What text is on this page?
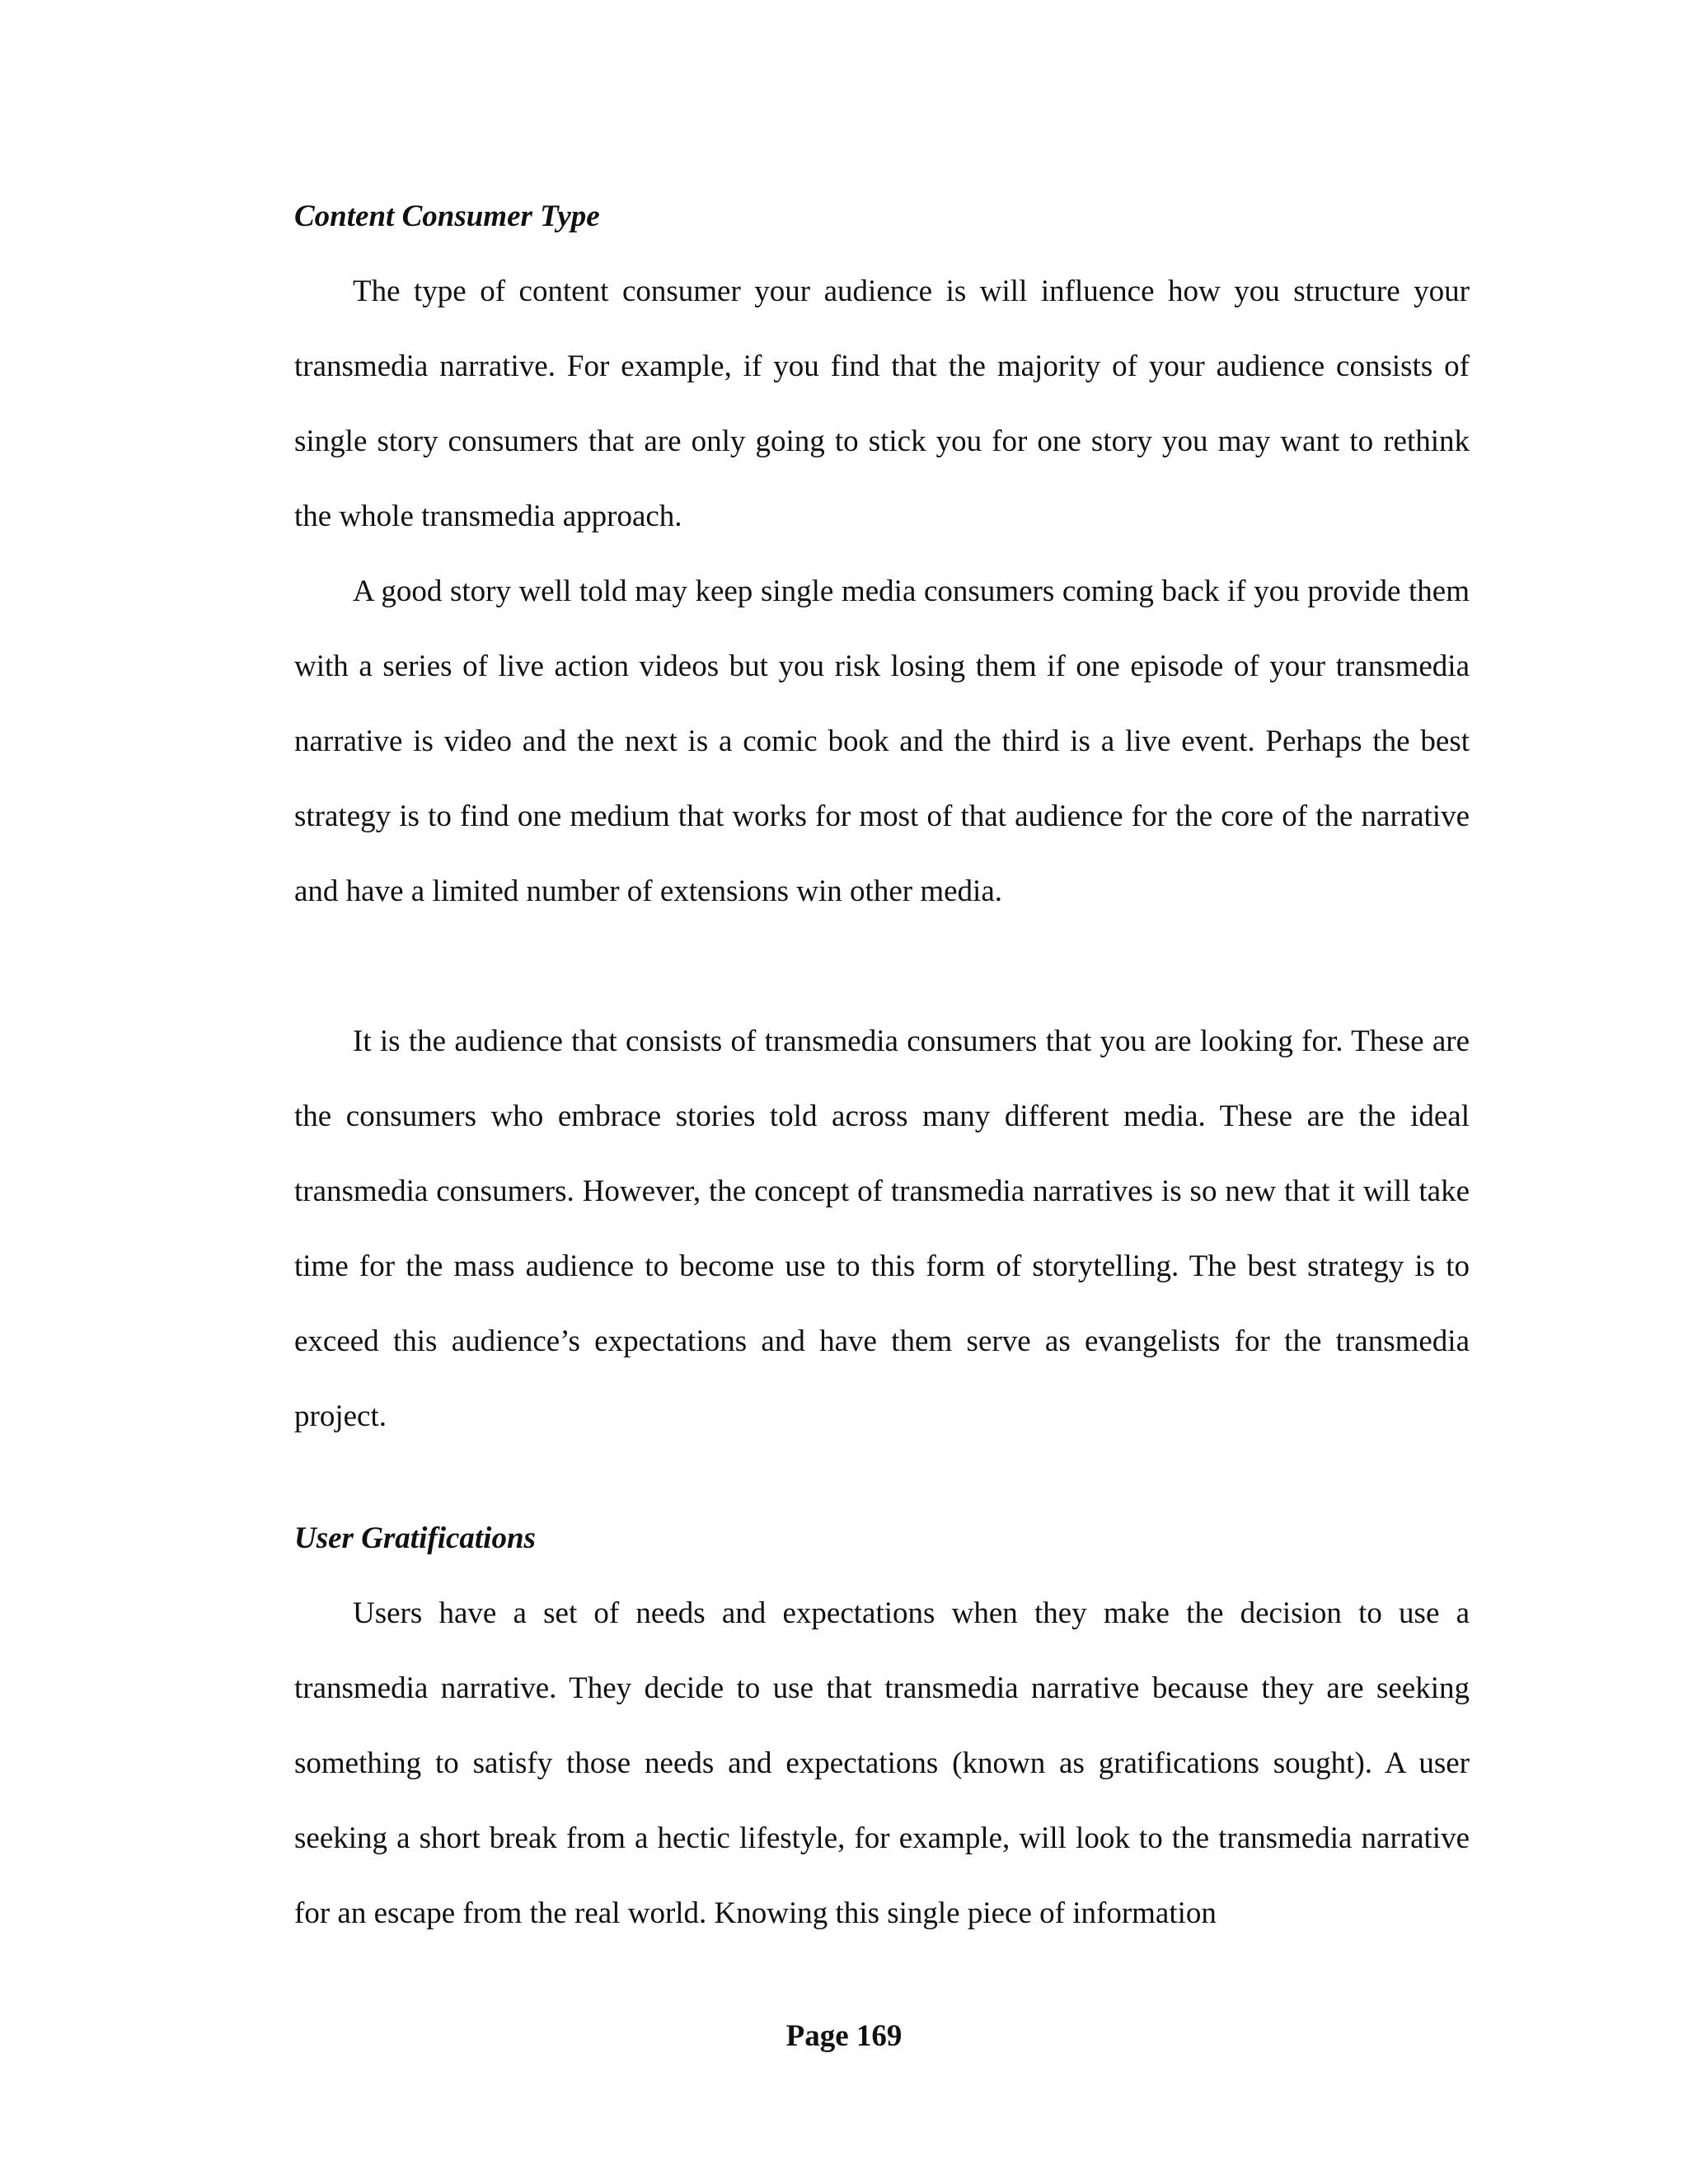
Content Consumer Type

The type of content consumer your audience is will influence how you structure your transmedia narrative. For example, if you find that the majority of your audience consists of single story consumers that are only going to stick you for one story you may want to rethink the whole transmedia approach.

A good story well told may keep single media consumers coming back if you provide them with a series of live action videos but you risk losing them if one episode of your transmedia narrative is video and the next is a comic book and the third is a live event. Perhaps the best strategy is to find one medium that works for most of that audience for the core of the narrative and have a limited number of extensions win other media.

It is the audience that consists of transmedia consumers that you are looking for. These are the consumers who embrace stories told across many different media. These are the ideal transmedia consumers. However, the concept of transmedia narratives is so new that it will take time for the mass audience to become use to this form of storytelling. The best strategy is to exceed this audience’s expectations and have them serve as evangelists for the transmedia project.

User Gratifications

Users have a set of needs and expectations when they make the decision to use a transmedia narrative. They decide to use that transmedia narrative because they are seeking something to satisfy those needs and expectations (known as gratifications sought). A user seeking a short break from a hectic lifestyle, for example, will look to the transmedia narrative for an escape from the real world. Knowing this single piece of information

Page 169
